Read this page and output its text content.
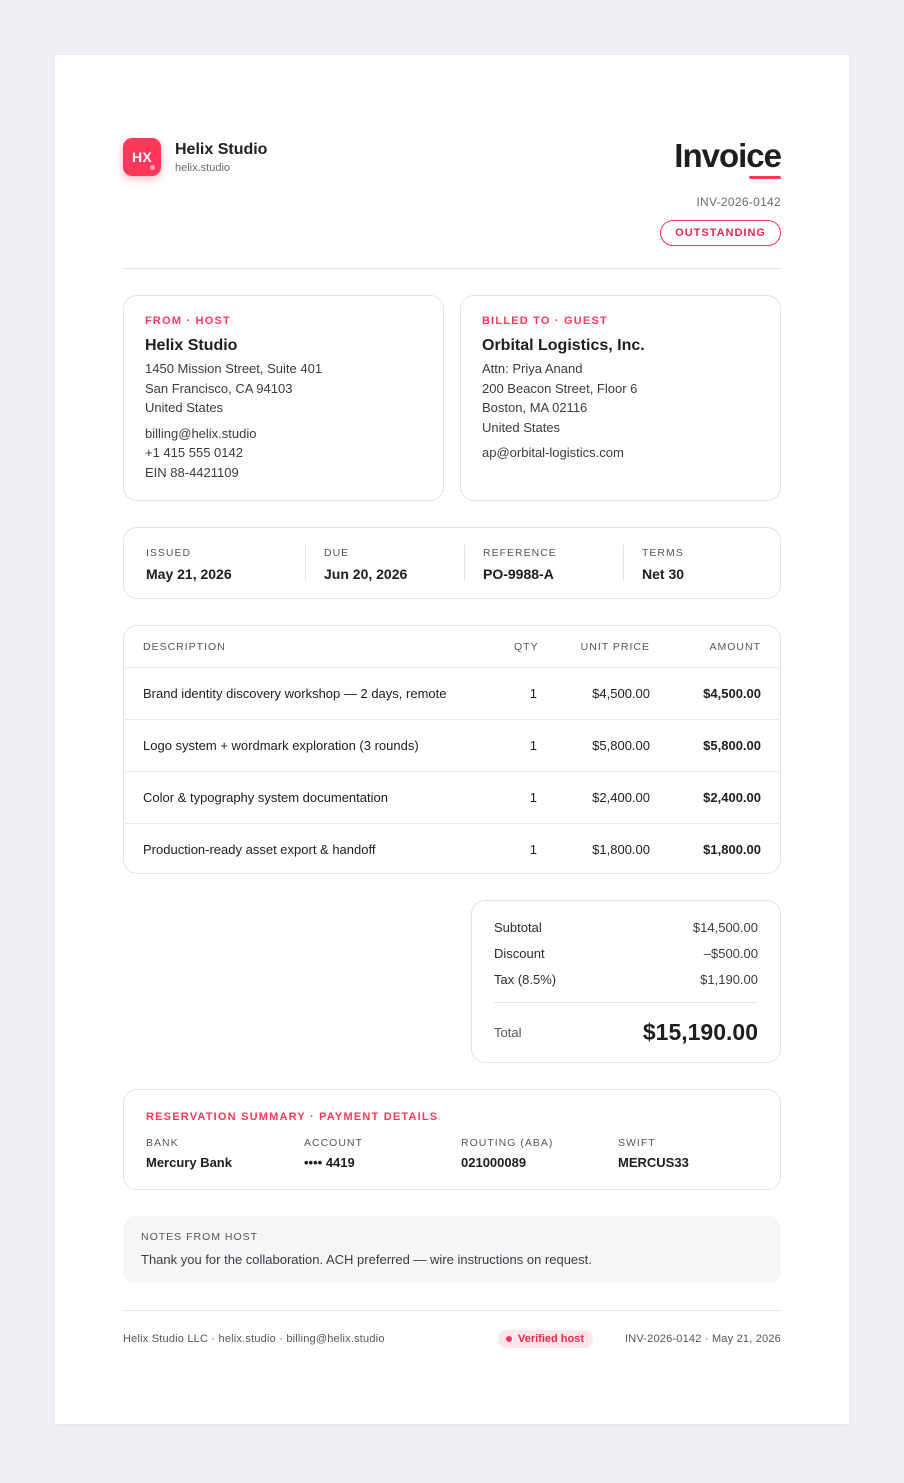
HX Helix Studio
helix.studio	Invoice
INV-2026-0142
OUTSTANDING
FROM · HOST
Helix Studio
1450 Mission Street, Suite 401
San Francisco, CA 94103
United States
billing@helix.studio
+1 415 555 0142
EIN 88-4421109
BILLED TO · GUEST
Orbital Logistics, Inc.
Attn: Priya Anand
200 Beacon Street, Floor 6
Boston, MA 02116
United States
ap@orbital-logistics.com
ISSUED
May 21, 2026
DUE
Jun 20, 2026
REFERENCE
PO-9988-A
TERMS
Net 30
DESCRIPTION	QTY	UNIT PRICE	AMOUNT
Brand identity discovery workshop — 2 days, remote	1	$4,500.00	$4,500.00
Logo system + wordmark exploration (3 rounds)	1	$5,800.00	$5,800.00
Color & typography system documentation	1	$2,400.00	$2,400.00
Production-ready asset export & handoff	1	$1,800.00	$1,800.00
Subtotal	$14,500.00
Discount	–$500.00
Tax (8.5%)	$1,190.00
Total	$15,190.00
RESERVATION SUMMARY · PAYMENT DETAILS
BANK
Mercury Bank
ACCOUNT
•••• 4419
ROUTING (ABA)
021000089
SWIFT
MERCUS33
NOTES FROM HOST
Thank you for the collaboration. ACH preferred — wire instructions on request.
Helix Studio LLC · helix.studio · billing@helix.studio	Verified host	INV-2026-0142 · May 21, 2026
